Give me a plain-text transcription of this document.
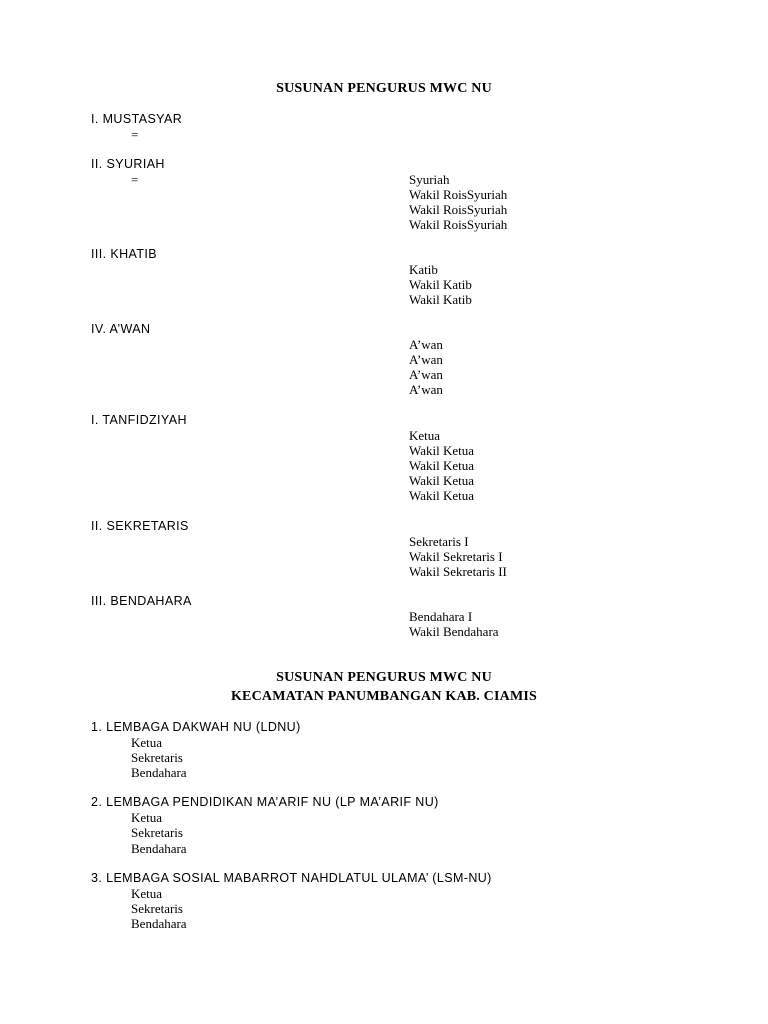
SUSUNAN PENGURUS MWC NU
I. MUSTASYAR
=
II. SYURIAH
=	Syuriah
Wakil RoisSyuriah
Wakil RoisSyuriah
Wakil RoisSyuriah
III. KHATIB
Katib
Wakil Katib
Wakil Katib
IV. A’WAN
A’wan
A’wan
A’wan
A’wan
I. TANFIDZIYAH
Ketua
Wakil Ketua
Wakil Ketua
Wakil Ketua
Wakil Ketua
II. SEKRETARIS
Sekretaris I
Wakil Sekretaris I
Wakil Sekretaris II
III. BENDAHARA
Bendahara I
Wakil Bendahara
SUSUNAN PENGURUS MWC NU
KECAMATAN PANUMBANGAN KAB. CIAMIS
1. LEMBAGA DAKWAH NU (LDNU)
Ketua
Sekretaris
Bendahara
2. LEMBAGA PENDIDIKAN MA’ARIF NU (LP MA’ARIF NU)
Ketua
Sekretaris
Bendahara
3. LEMBAGA SOSIAL MABARROT NAHDLATUL ULAMA’ (LSM-NU)
Ketua
Sekretaris
Bendahara
